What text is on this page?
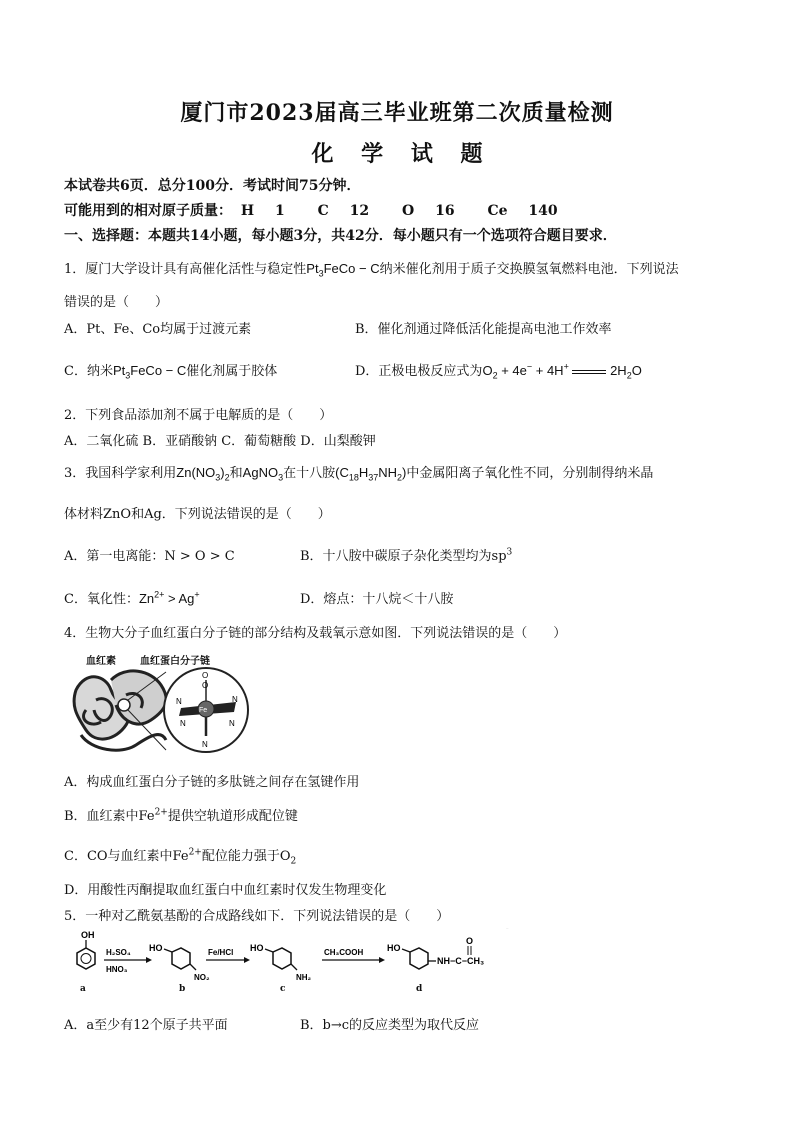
厦门市2023届高三毕业班第二次质量检测
化 学 试 题
本试卷共6页．总分100分．考试时间75分钟．
可能用到的相对原子质量： H 1 C 12 O 16 Ce 140
一、选择题：本题共14小题，每小题3分，共42分．每小题只有一个选项符合题目要求．
1．厦门大学设计具有高催化活性与稳定性$Pt_3FeCo - C$纳米催化剂用于质子交换膜氢氧燃料电池．下列说法
错误的是（　　）
A．Pt、Fe、Co均属于过渡元素	B．催化剂通过降低活化能提高电池工作效率
C．纳米$Pt_3FeCo - C$催化剂属于胶体	D．正极电极反应式为$O_2 + 4e^- + 4H^+$	$2H_2O$
2．下列食品添加剂不属于电解质的是（　　）
A．二氧化硫 B．亚硝酸钠 C．葡萄糖酸 D．山梨酸钾
3．我国科学家利用$Zn(NO_3)_2$和AgNO$_3$在十八胺$(C_{18}H_{37}NH_2)$中金属阳离子氧化性不同，分别制得纳米晶
体材料ZnO和Ag．下列说法错误的是（　　）
A．第一电离能：N > O > C	B．十八胺中碳原子杂化类型均为$sp^3$
C．氧化性：$Zn^{2+} > Ag^+$	D．熔点：十八烷＜十八胺
4．生物大分子血红蛋白分子链的部分结构及载氧示意如图．下列说法错误的是（　　）
O
O
Fe
N	N
N	N
N
血红素 血红蛋白分子链
A．构成血红蛋白分子链的多肽链之间存在氢键作用
B．血红素中$Fe^{2+}$提供空轨道形成配位键
C．CO与血红素中$Fe^{2+}$配位能力强于$O_2$
D．用酸性丙酮提取血红蛋白中血红素时仅发生物理变化
5．一种对乙酰氨基酚的合成路线如下．下列说法错误的是（　　）
OH
H₂SO₄
HNO₃
HO
NO₂
Fe/HCl HO
NH₂
CH₃COOH	HO
NH−C−CH₃
O
ˉ
a	b	c	d
A．a至少有12个原子共平面	B．b→c的反应类型为取代反应
